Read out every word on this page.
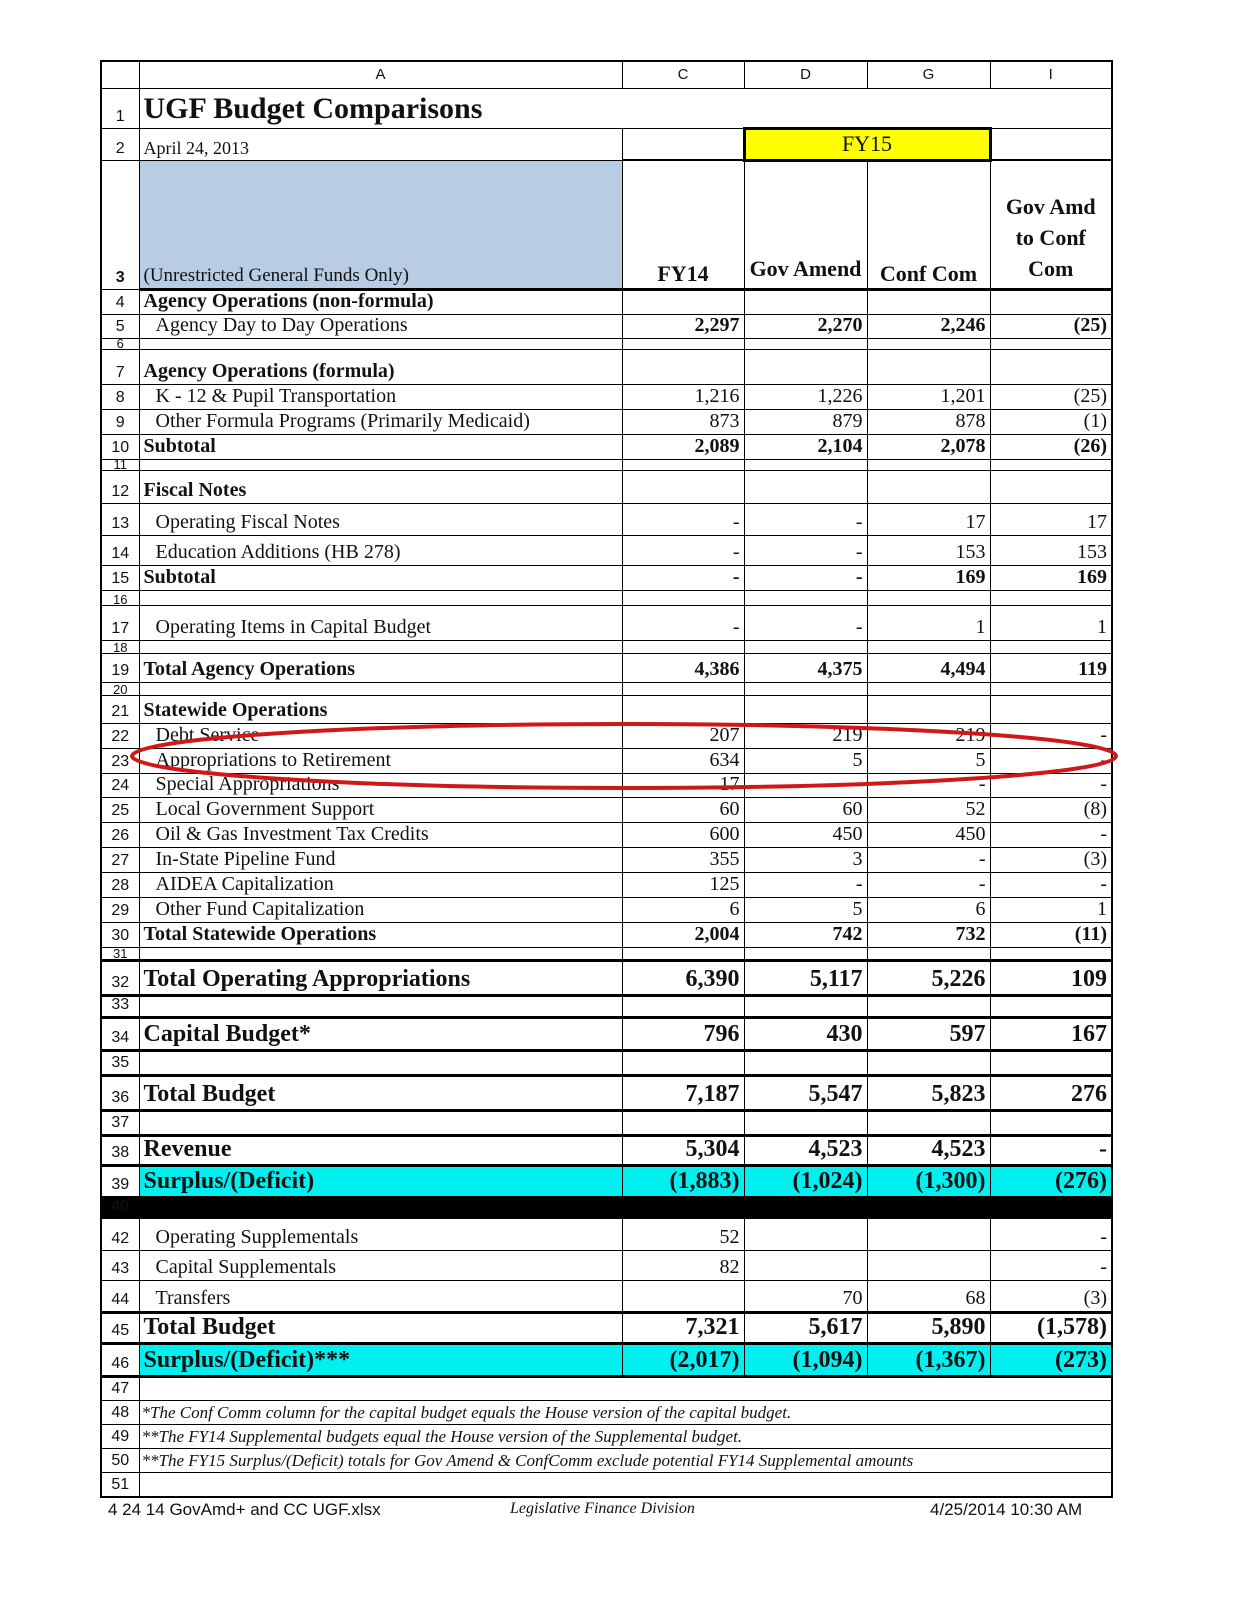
	A	C	D	G	I
1	UGF Budget Comparisons				
2	April 24, 2013		FY15		
3	(Unrestricted General Funds Only)	FY14	Gov Amend	Conf Com	Gov Amd to Conf Com
4	Agency Operations (non-formula)				
5	Agency Day to Day Operations	2,297	2,270	2,246	(25)
6					
7	Agency Operations (formula)				
8	K - 12 & Pupil Transportation	1,216	1,226	1,201	(25)
9	Other Formula Programs (Primarily Medicaid)	873	879	878	(1)
10	Subtotal	2,089	2,104	2,078	(26)
11					
12	Fiscal Notes				
13	Operating Fiscal Notes	-	-	17	17
14	Education Additions (HB 278)	-	-	153	153
15	Subtotal	-	-	169	169
16					
17	Operating Items in Capital Budget	-	-	1	1
18					
19	Total Agency Operations	4,386	4,375	4,494	119
20					
21	Statewide Operations				
22	Debt Service	207	219	219	-
23	Appropriations to Retirement	634	5	5	-
24	Special Appropriations	17	-	-	-
25	Local Government Support	60	60	52	(8)
26	Oil & Gas Investment Tax Credits	600	450	450	-
27	In-State Pipeline Fund	355	3	-	(3)
28	AIDEA Capitalization	125	-	-	-
29	Other Fund Capitalization	6	5	6	1
30	Total Statewide Operations	2,004	742	732	(11)
31					
32	Total Operating Appropriations	6,390	5,117	5,226	109
33					
34	Capital Budget*	796	430	597	167
35					
36	Total Budget	7,187	5,547	5,823	276
37					
38	Revenue	5,304	4,523	4,523	-
39	Surplus/(Deficit)	(1,883)	(1,024)	(1,300)	(276)
40					
42	Operating Supplementals	52			-
43	Capital Supplementals	82			-
44	Transfers		70	68	(3)
45	Total Budget	7,321	5,617	5,890	(1,578)
46	Surplus/(Deficit)***	(2,017)	(1,094)	(1,367)	(273)
47					
48	*The Conf Comm column for the capital budget equals the House version of the capital budget.				
49	**The FY14 Supplemental budgets equal the House version of the Supplemental budget.				
50	**The FY15 Surplus/(Deficit) totals for Gov Amend & ConfComm exclude potential FY14 Supplemental amounts				
51					
4 24 14 GovAmd+ and CC UGF.xlsx	Legislative Finance Division	4/25/2014 10:30 AM
